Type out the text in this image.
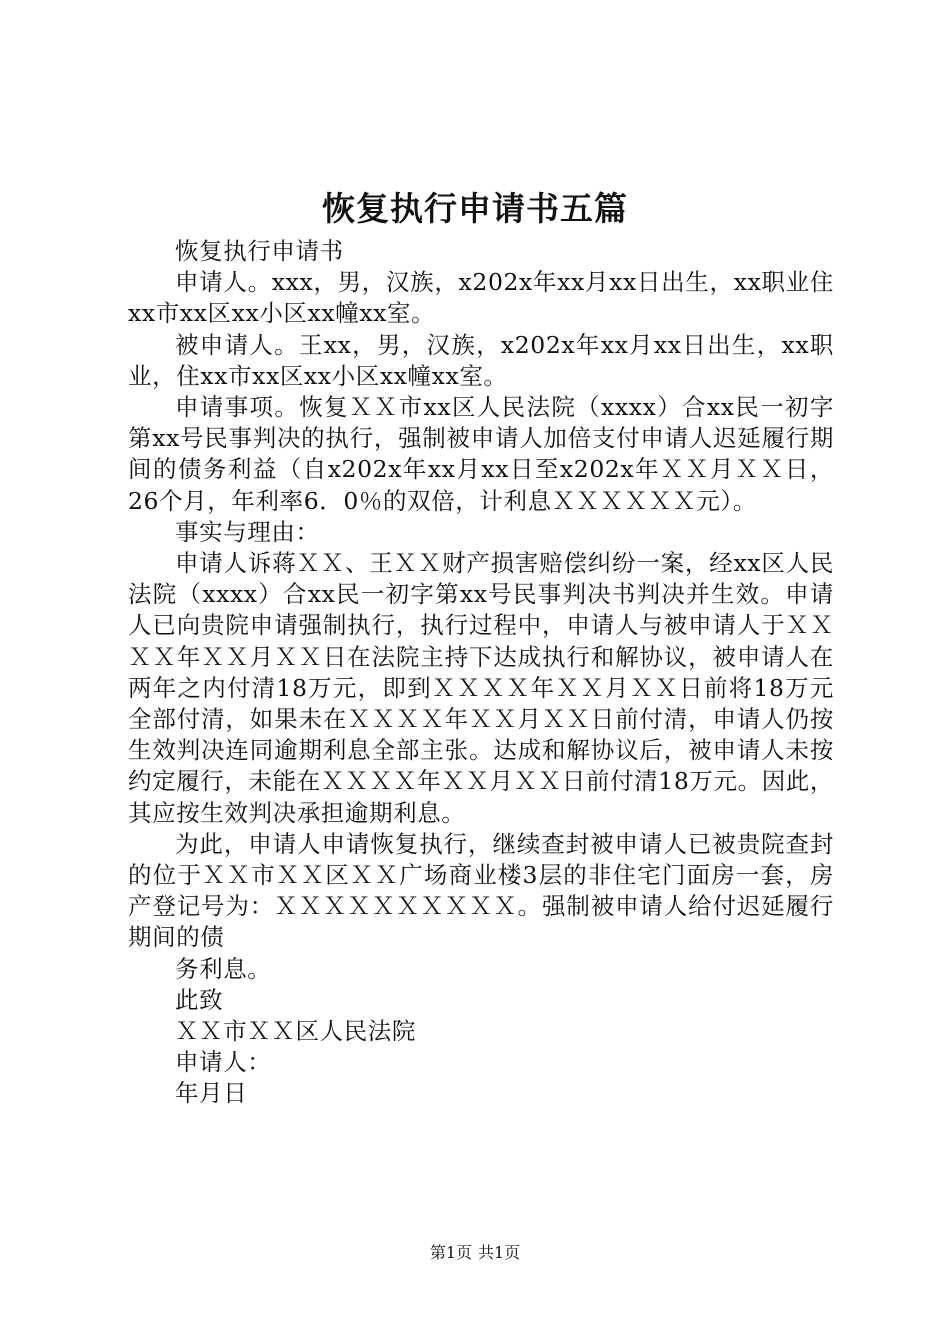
恢复执行申请书五篇

恢复执行申请书

申请人。xxx，男，汉族，x202x年xx月xx日出生，xx职业住xx市xx区xx小区xx幢xx室。

被申请人。王xx，男，汉族，x202x年xx月xx日出生，xx职业，住xx市xx区xx小区xx幢xx室。

申请事项。恢复ＸＸ市xx区人民法院（xxxx）合xx民一初字第xx号民事判决的执行，强制被申请人加倍支付申请人迟延履行期间的债务利益（自x202x年xx月xx日至x202x年ＸＸ月ＸＸ日，26个月，年利率6．0％的双倍，计利息ＸＸＸＸＸＸ元）。

事实与理由：

申请人诉蒋ＸＸ、王ＸＸ财产损害赔偿纠纷一案，经xx区人民法院（xxxx）合xx民一初字第xx号民事判决书判决并生效。申请人已向贵院申请强制执行，执行过程中，申请人与被申请人于ＸＸＸＸ年ＸＸ月ＸＸ日在法院主持下达成执行和解协议，被申请人在两年之内付清18万元，即到ＸＸＸＸ年ＸＸ月ＸＸ日前将18万元全部付清，如果未在ＸＸＸＸ年ＸＸ月ＸＸ日前付清，申请人仍按生效判决连同逾期利息全部主张。达成和解协议后，被申请人未按约定履行，未能在ＸＸＸＸ年ＸＸ月ＸＸ日前付清18万元。因此，其应按生效判决承担逾期利息。

为此，申请人申请恢复执行，继续查封被申请人已被贵院查封的位于ＸＸ市ＸＸ区ＸＸ广场商业楼3层的非住宅门面房一套，房产登记号为：ＸＸＸＸＸＸＸＸＸＸ。强制被申请人给付迟延履行期间的债

务利息。

此致

ＸＸ市ＸＸ区人民法院

申请人：

年月日

第1页 共1页
